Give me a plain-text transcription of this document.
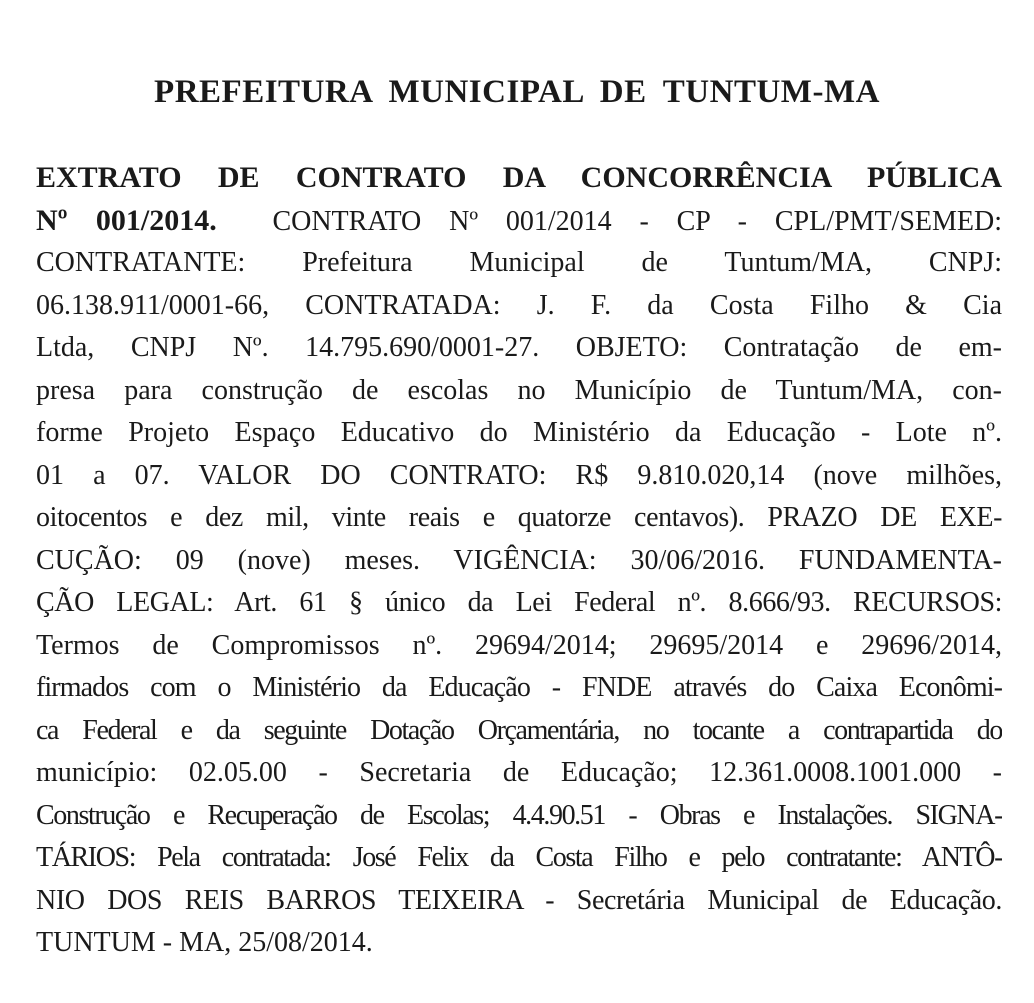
PREFEITURA MUNICIPAL DE TUNTUM-MA
EXTRATO DE CONTRATO DA CONCORRÊNCIA PÚBLICA
Nº 001/2014. CONTRATO Nº 001/2014 - CP - CPL/PMT/SEMED:
CONTRATANTE: Prefeitura Municipal de Tuntum/MA, CNPJ:
06.138.911/0001-66, CONTRATADA: J. F. da Costa Filho & Cia
Ltda, CNPJ Nº. 14.795.690/0001-27. OBJETO: Contratação de em-
presa para construção de escolas no Município de Tuntum/MA, con-
forme Projeto Espaço Educativo do Ministério da Educação - Lote nº.
01 a 07. VALOR DO CONTRATO: R$ 9.810.020,14 (nove milhões,
oitocentos e dez mil, vinte reais e quatorze centavos). PRAZO DE EXE-
CUÇÃO: 09 (nove) meses. VIGÊNCIA: 30/06/2016. FUNDAMENTA-
ÇÃO LEGAL: Art. 61 § único da Lei Federal nº. 8.666/93. RECURSOS:
Termos de Compromissos nº. 29694/2014; 29695/2014 e 29696/2014,
firmados com o Ministério da Educação - FNDE através do Caixa Econômi-
ca Federal e da seguinte Dotação Orçamentária, no tocante a contrapartida do
município: 02.05.00 - Secretaria de Educação; 12.361.0008.1001.000 -
Construção e Recuperação de Escolas; 4.4.90.51 - Obras e Instalações. SIGNA-
TÁRIOS: Pela contratada: José Felix da Costa Filho e pelo contratante: ANTÔ-
NIO DOS REIS BARROS TEIXEIRA - Secretária Municipal de Educação.
TUNTUM - MA, 25/08/2014.
